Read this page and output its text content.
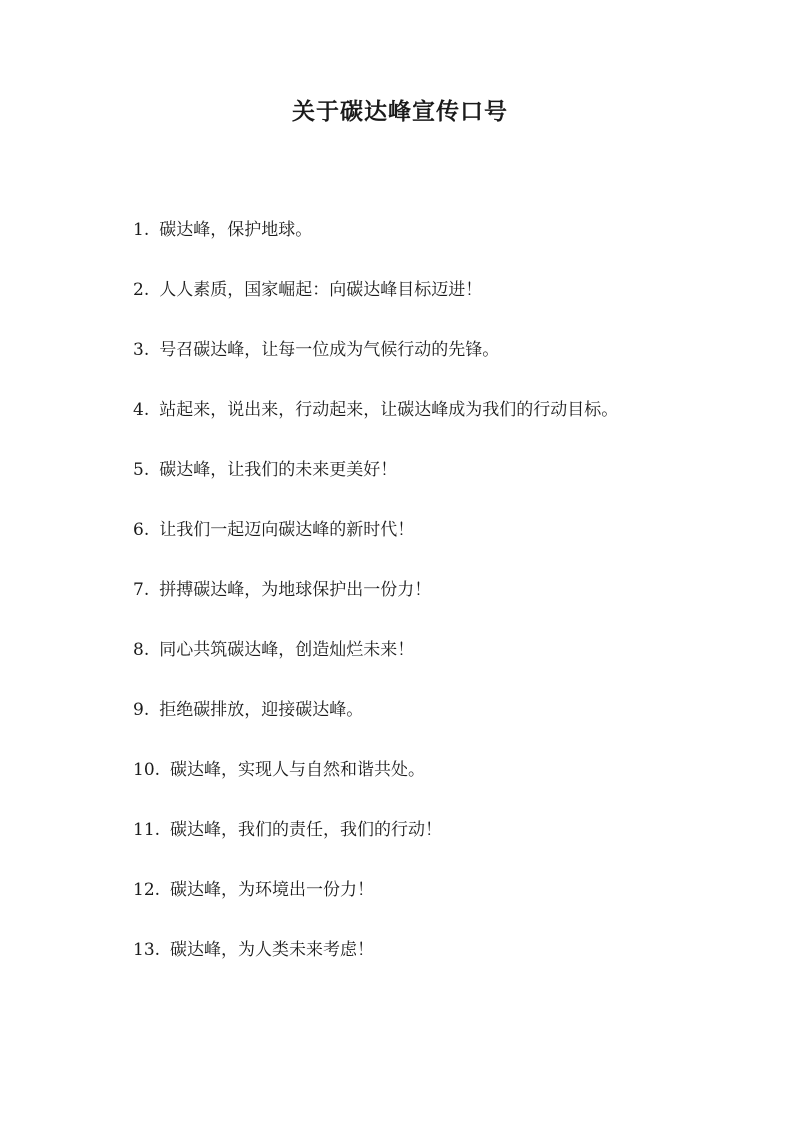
关于碳达峰宣传口号
1. 碳达峰，保护地球。
2. 人人素质，国家崛起：向碳达峰目标迈进！
3. 号召碳达峰，让每一位成为气候行动的先锋。
4. 站起来，说出来，行动起来，让碳达峰成为我们的行动目标。
5. 碳达峰，让我们的未来更美好！
6. 让我们一起迈向碳达峰的新时代！
7. 拼搏碳达峰，为地球保护出一份力！
8. 同心共筑碳达峰，创造灿烂未来！
9. 拒绝碳排放，迎接碳达峰。
10. 碳达峰，实现人与自然和谐共处。
11. 碳达峰，我们的责任，我们的行动！
12. 碳达峰，为环境出一份力！
13. 碳达峰，为人类未来考虑！
